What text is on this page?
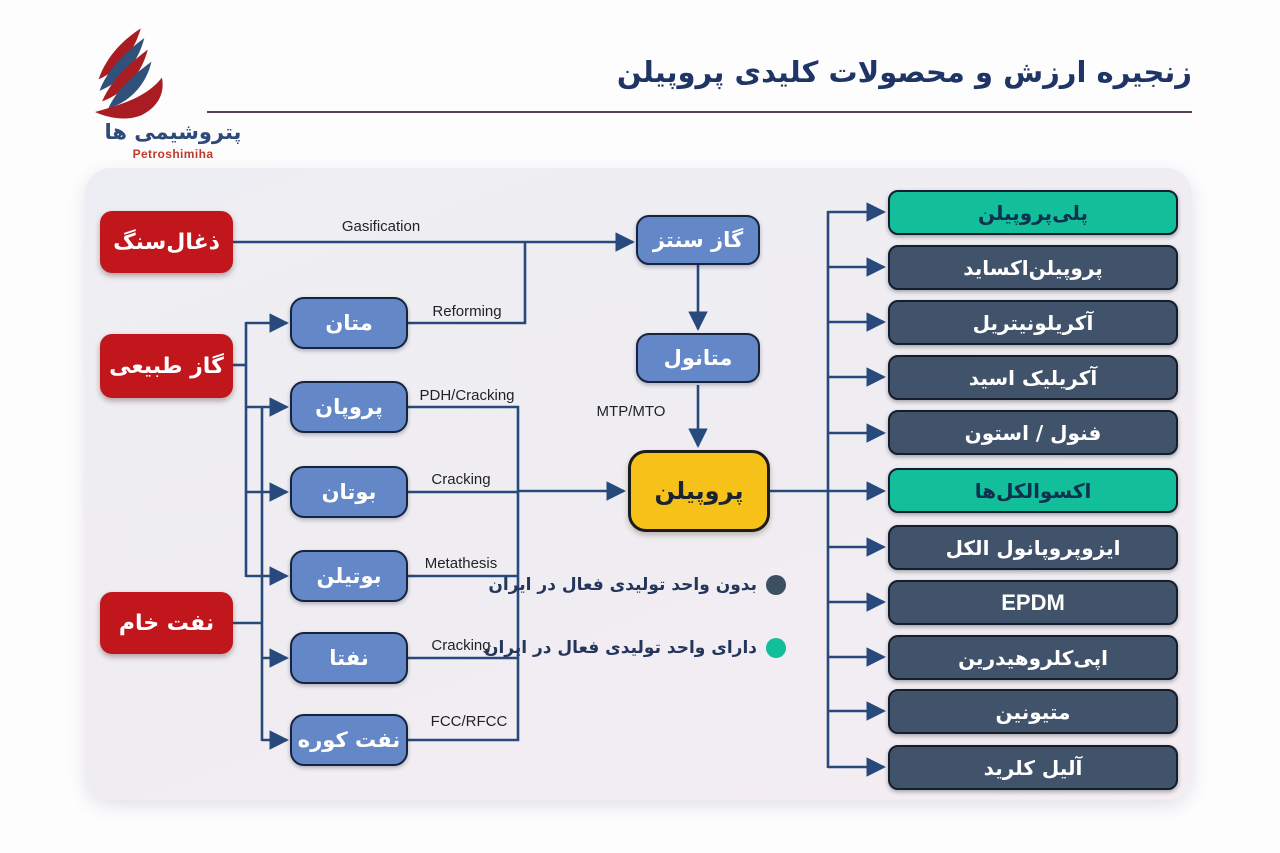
پتروشیمی ها
Petroshimiha
زنجیره ارزش و محصولات کلیدی پروپیلن
ذغال‌سنگ
گاز طبیعی
نفت خام
متان
پروپان
بوتان
بوتیلن
نفتا
نفت کوره
گاز سنتز
متانول
پروپیلن
Gasification
Reforming
PDH/Cracking
Cracking
Metathesis
Cracking
FCC/RFCC
MTP/MTO
پلی‌پروپیلن
پروپیلن‌اکساید
آکریلونیتریل
آکریلیک اسید
فنول / استون
اکسوالکل‌ها
ایزوپروپانول الکل
EPDM
اپی‌کلروهیدرین
متیونین
آلیل کلرید
بدون واحد تولیدی فعال در ایران
دارای واحد تولیدی فعال در ایران
